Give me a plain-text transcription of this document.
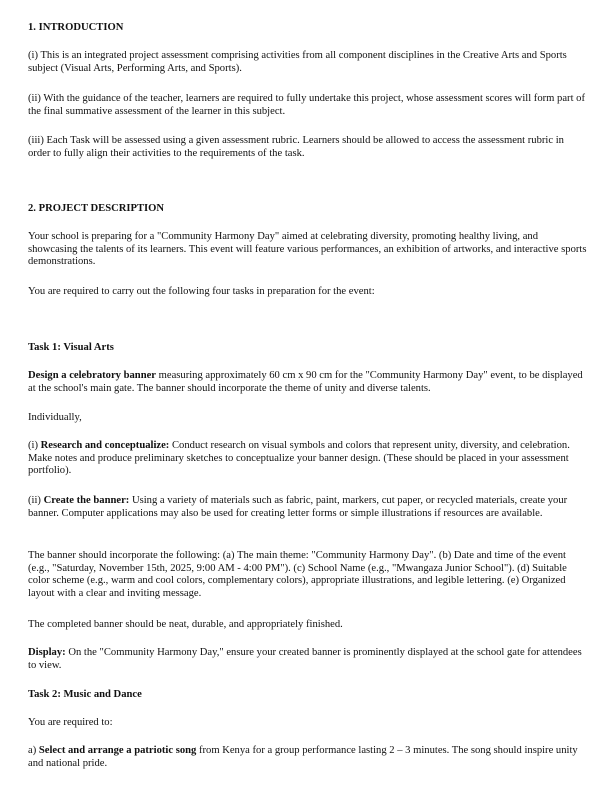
1. INTRODUCTION

(i) This is an integrated project assessment comprising activities from all component disciplines in the Creative Arts and Sports subject (Visual Arts, Performing Arts, and Sports).

(ii) With the guidance of the teacher, learners are required to fully undertake this project, whose assessment scores will form part of the final summative assessment of the learner in this subject.

(iii) Each Task will be assessed using a given assessment rubric. Learners should be allowed to access the assessment rubric in order to fully align their activities to the requirements of the task.

2. PROJECT DESCRIPTION

Your school is preparing for a "Community Harmony Day" aimed at celebrating diversity, promoting healthy living, and showcasing the talents of its learners. This event will feature various performances, an exhibition of artworks, and interactive sports demonstrations.

You are required to carry out the following four tasks in preparation for the event:

Task 1: Visual Arts

Design a celebratory banner measuring approximately 60 cm x 90 cm for the "Community Harmony Day" event, to be displayed at the school's main gate. The banner should incorporate the theme of unity and diverse talents.

Individually,

(i) Research and conceptualize: Conduct research on visual symbols and colors that represent unity, diversity, and celebration. Make notes and produce preliminary sketches to conceptualize your banner design. (These should be placed in your assessment portfolio).

(ii) Create the banner: Using a variety of materials such as fabric, paint, markers, cut paper, or recycled materials, create your banner. Computer applications may also be used for creating letter forms or simple illustrations if resources are available.

The banner should incorporate the following: (a) The main theme: "Community Harmony Day". (b) Date and time of the event (e.g., "Saturday, November 15th, 2025, 9:00 AM - 4:00 PM"). (c) School Name (e.g., "Mwangaza Junior School"). (d) Suitable color scheme (e.g., warm and cool colors, complementary colors), appropriate illustrations, and legible lettering. (e) Organized layout with a clear and inviting message.

The completed banner should be neat, durable, and appropriately finished.

Display: On the "Community Harmony Day," ensure your created banner is prominently displayed at the school gate for attendees to view.

Task 2: Music and Dance

You are required to:

a) Select and arrange a patriotic song from Kenya for a group performance lasting 2 – 3 minutes. The song should inspire unity and national pride.
